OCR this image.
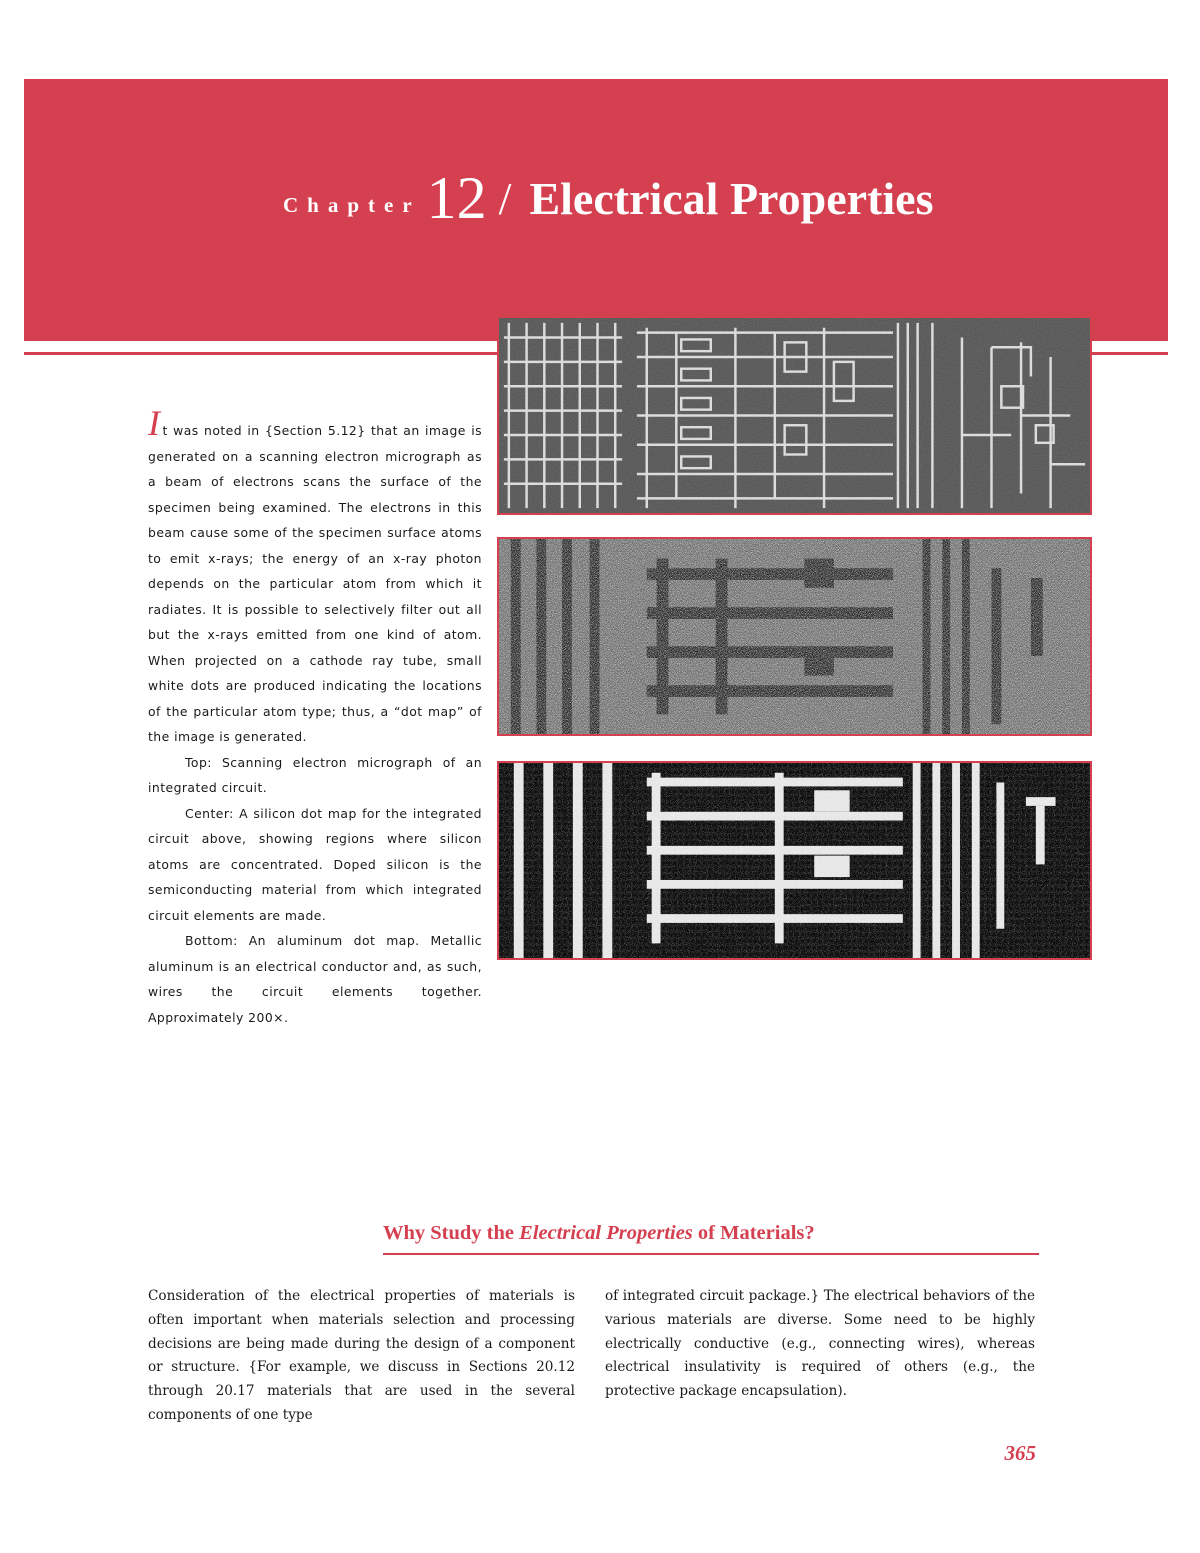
Chapter 12 / Electrical Properties

It was noted in {Section 5.12} that an image is generated on a scanning electron micrograph as a beam of electrons scans the surface of the specimen being examined. The electrons in this beam cause some of the specimen surface atoms to emit x-rays; the energy of an x-ray photon depends on the particular atom from which it radiates. It is possible to selectively filter out all but the x-rays emitted from one kind of atom. When projected on a cathode ray tube, small white dots are produced indicating the locations of the particular atom type; thus, a “dot map” of the image is generated.

Top: Scanning electron micrograph of an integrated circuit.

Center: A silicon dot map for the integrated circuit above, showing regions where silicon atoms are concentrated. Doped silicon is the semiconducting material from which integrated circuit elements are made.

Bottom: An aluminum dot map. Metallic aluminum is an electrical conductor and, as such, wires the circuit elements together. Approximately 200×.

Why Study the Electrical Properties of Materials?

Consideration of the electrical properties of materials is often important when materials selection and processing decisions are being made during the design of a component or structure. {For example, we discuss in Sections 20.12 through 20.17 materials that are used in the several components of one type

of integrated circuit package.} The electrical behaviors of the various materials are diverse. Some need to be highly electrically conductive (e.g., connecting wires), whereas electrical insulativity is required of others (e.g., the protective package encapsulation).

365
